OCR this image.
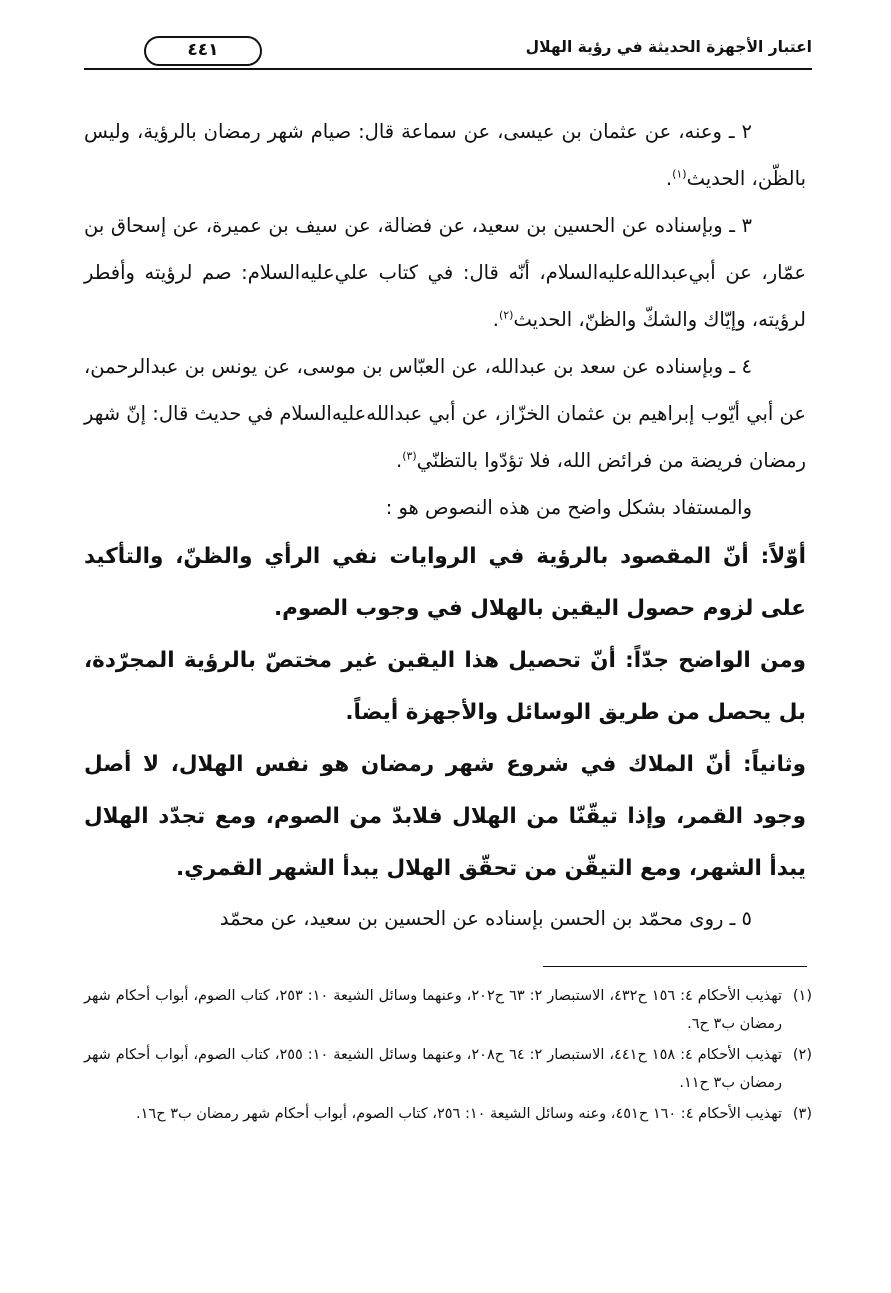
اعتبار الأجهزة الحديثة في رؤية الهلال
٤٤١

٢ ـ وعنه، عن عثمان بن عيسى، عن سماعة قال: صيام شهر رمضان بالرؤية، وليس بالظّن، الحديث$^{(١)}$.

٣ ـ وبإسناده عن الحسين بن سعيد، عن فضالة، عن سيف بن عميرة، عن إسحاق بن عمّار، عن أبي‌عبدالله‌عليه‌السلام، أنّه قال: في كتاب علي‌عليه‌السلام: صم لرؤيته وأفطر لرؤيته، وإيّاك والشكّ والظنّ، الحديث$^{(٢)}$.

٤ ـ وبإسناده عن سعد بن عبدالله، عن العبّاس بن موسى، عن يونس بن عبدالرحمن، عن أبي أيّوب إبراهيم بن عثمان الخزّاز، عن أبي عبدالله‌عليه‌السلام في حديث قال: إنّ شهر رمضان فريضة من فرائض الله، فلا تؤدّوا بالتظنّي$^{(٣)}$.

والمستفاد بشكل واضح من هذه النصوص هو :

أوّلاً: أنّ المقصود بالرؤية في الروايات نفي الرأي والظنّ، والتأكيد على لزوم حصول اليقين بالهلال في وجوب الصوم.

ومن الواضح جدّاً: أنّ تحصيل هذا اليقين غير مختصّ بالرؤية المجرّدة، بل يحصل من طريق الوسائل والأجهزة أيضاً.

وثانياً: أنّ الملاك في شروع شهر رمضان هو نفس الهلال، لا أصل وجود القمر، وإذا تيقّنّا من الهلال فلابدّ من الصوم، ومع تجدّد الهلال يبدأ الشهر، ومع التيقّن من تحقّق الهلال يبدأ الشهر القمري.

٥ ـ روى محمّد بن الحسن بإسناده عن الحسين بن سعيد، عن محمّد

(١)
تهذيب الأحكام ٤: ١٥٦ ح٤٣٢، الاستبصار ٢: ٦٣ ح٢٠٢، وعنهما وسائل الشيعة ١٠: ٢٥٣، كتاب الصوم، أبواب أحكام شهر رمضان ب٣ ح٦.

(٢)
تهذيب الأحكام ٤: ١٥٨ ح٤٤١، الاستبصار ٢: ٦٤ ح٢٠٨، وعنهما وسائل الشيعة ١٠: ٢٥٥، كتاب الصوم، أبواب أحكام شهر رمضان ب٣ ح١١.

(٣)
تهذيب الأحكام ٤: ١٦٠ ح٤٥١، وعنه وسائل الشيعة ١٠: ٢٥٦، كتاب الصوم، أبواب أحكام شهر رمضان ب٣ ح١٦.
